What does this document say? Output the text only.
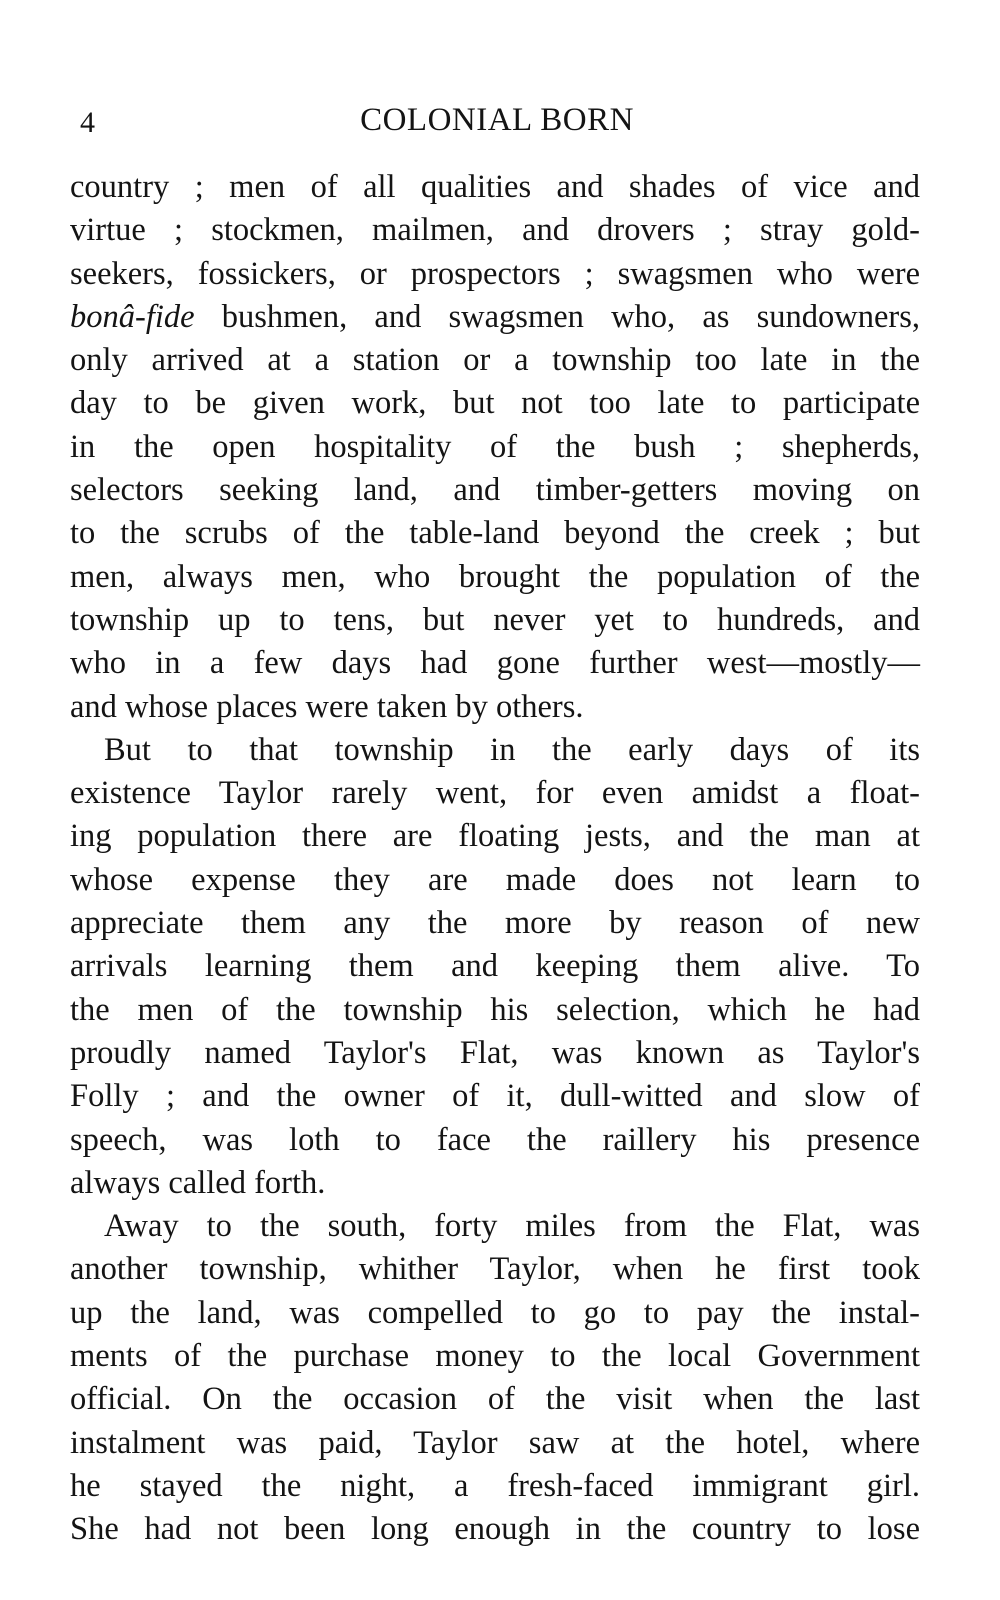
4	COLONIAL BORN
country ; men of all qualities and shades of vice and
virtue ; stockmen, mailmen, and drovers ; stray gold-
seekers, fossickers, or prospectors ; swagsmen who were
bonâ-fide bushmen, and swagsmen who, as sundowners,
only arrived at a station or a township too late in the
day to be given work, but not too late to participate
in the open hospitality of the bush ; shepherds,
selectors seeking land, and timber-getters moving on
to the scrubs of the table-land beyond the creek ; but
men, always men, who brought the population of the
township up to tens, but never yet to hundreds, and
who in a few days had gone further west—mostly—
and whose places were taken by others.
But to that township in the early days of its
existence Taylor rarely went, for even amidst a float-
ing population there are floating jests, and the man at
whose expense they are made does not learn to
appreciate them any the more by reason of new
arrivals learning them and keeping them alive. To
the men of the township his selection, which he had
proudly named Taylor's Flat, was known as Taylor's
Folly ; and the owner of it, dull-witted and slow of
speech, was loth to face the raillery his presence
always called forth.
Away to the south, forty miles from the Flat, was
another township, whither Taylor, when he first took
up the land, was compelled to go to pay the instal-
ments of the purchase money to the local Government
official. On the occasion of the visit when the last
instalment was paid, Taylor saw at the hotel, where
he stayed the night, a fresh-faced immigrant girl.
She had not been long enough in the country to lose
